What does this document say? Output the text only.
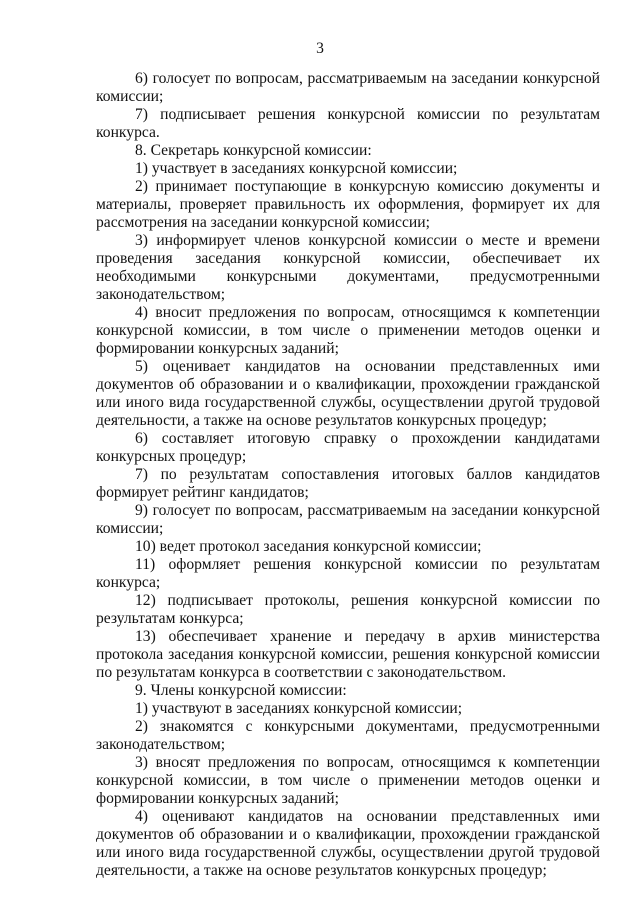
3

6) голосует по вопросам, рассматриваемым на заседании конкурсной комиссии;

7) подписывает решения конкурсной комиссии по результатам конкурса.

8. Секретарь конкурсной комиссии:

1) участвует в заседаниях конкурсной комиссии;

2) принимает поступающие в конкурсную комиссию документы и материалы, проверяет правильность их оформления, формирует их для рассмотрения на заседании конкурсной комиссии;

3) информирует членов конкурсной комиссии о месте и времени проведения заседания конкурсной комиссии, обеспечивает их необходимыми конкурсными документами, предусмотренными законодательством;

4) вносит предложения по вопросам, относящимся к компетенции конкурсной комиссии, в том числе о применении методов оценки и формировании конкурсных заданий;

5) оценивает кандидатов на основании представленных ими документов об образовании и о квалификации, прохождении гражданской или иного вида государственной службы, осуществлении другой трудовой деятельности, а также на основе результатов конкурсных процедур;

6) составляет итоговую справку о прохождении кандидатами конкурсных процедур;

7) по результатам сопоставления итоговых баллов кандидатов формирует рейтинг кандидатов;

9) голосует по вопросам, рассматриваемым на заседании конкурсной комиссии;

10) ведет протокол заседания конкурсной комиссии;

11) оформляет решения конкурсной комиссии по результатам конкурса;

12) подписывает протоколы, решения конкурсной комиссии по результатам конкурса;

13) обеспечивает хранение и передачу в архив министерства протокола заседания конкурсной комиссии, решения конкурсной комиссии по результатам конкурса в соответствии с законодательством.

9. Члены конкурсной комиссии:

1) участвуют в заседаниях конкурсной комиссии;

2) знакомятся с конкурсными документами, предусмотренными законодательством;

3) вносят предложения по вопросам, относящимся к компетенции конкурсной комиссии, в том числе о применении методов оценки и формировании конкурсных заданий;

4) оценивают кандидатов на основании представленных ими документов об образовании и о квалификации, прохождении гражданской или иного вида государственной службы, осуществлении другой трудовой деятельности, а также на основе результатов конкурсных процедур;
